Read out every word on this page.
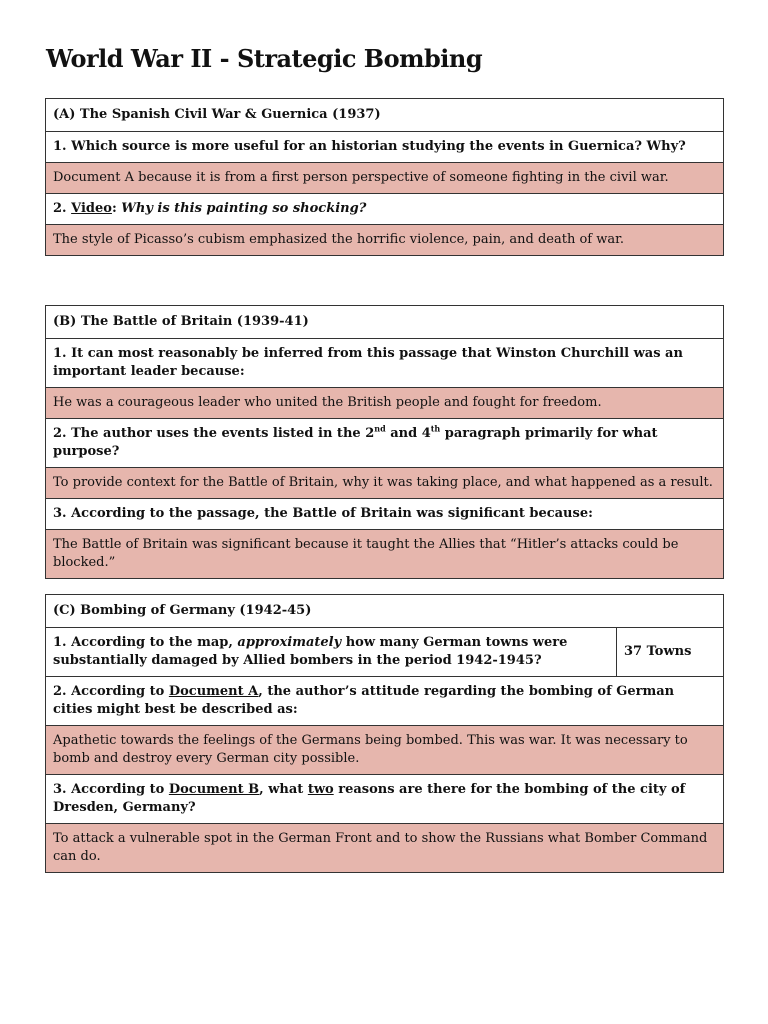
World War II - Strategic Bombing
(A) The Spanish Civil War & Guernica (1937)
1. Which source is more useful for an historian studying the events in Guernica? Why?
Document A because it is from a first person perspective of someone fighting in the civil war.
2. Video: Why is this painting so shocking?
The style of Picasso’s cubism emphasized the horrific violence, pain, and death of war.
(B) The Battle of Britain (1939-41)
1. It can most reasonably be inferred from this passage that Winston Churchill was an important leader because:
He was a courageous leader who united the British people and fought for freedom.
2. The author uses the events listed in the 2nd and 4th paragraph primarily for what purpose?
To provide context for the Battle of Britain, why it was taking place, and what happened as a result.
3. According to the passage, the Battle of Britain was significant because:
The Battle of Britain was significant because it taught the Allies that “Hitler’s attacks could be blocked.”
(C) Bombing of Germany (1942-45)
1. According to the map, approximately how many German towns were substantially damaged by Allied bombers in the period 1942-1945?	37 Towns
2. According to Document A, the author’s attitude regarding the bombing of German cities might best be described as:
Apathetic towards the feelings of the Germans being bombed. This was war. It was necessary to bomb and destroy every German city possible.
3. According to Document B, what two reasons are there for the bombing of the city of Dresden, Germany?
To attack a vulnerable spot in the German Front and to show the Russians what Bomber Command can do.
